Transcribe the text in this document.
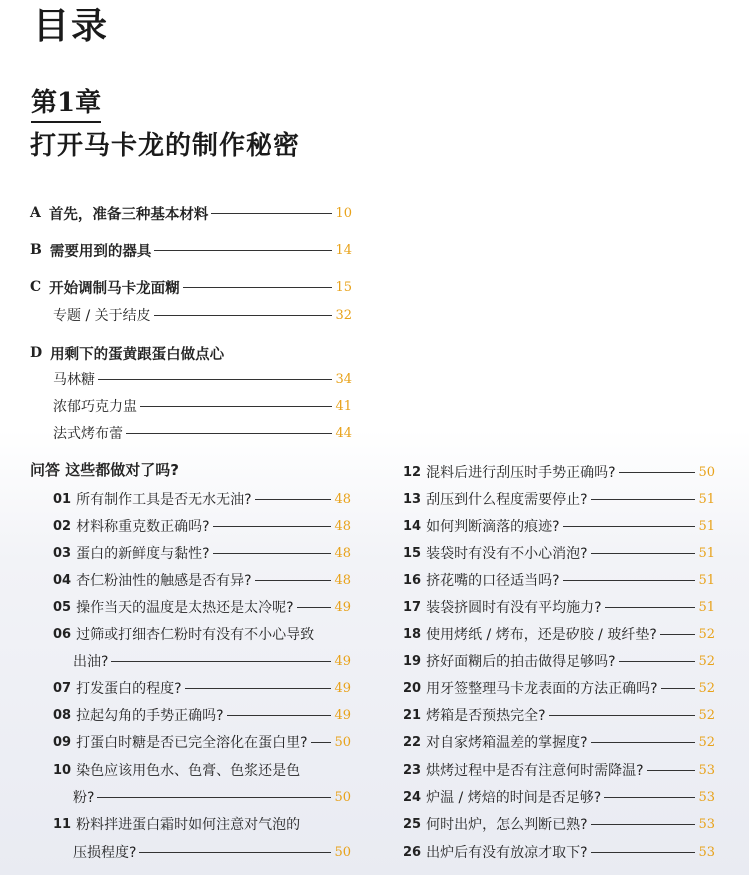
目录
第1章
打开马卡龙的制作秘密
A 首先，准备三种基本材料	10
B 需要用到的器具	14
C 开始调制马卡龙面糊	15
专题 / 关于结皮	32
D 用剩下的蛋黄跟蛋白做点心
马林糖	34
浓郁巧克力盅	41
法式烤布蕾	44
问答 这些都做对了吗?
01 所有制作工具是否无水无油?	48
02 材料称重克数正确吗?	48
03 蛋白的新鲜度与黏性?	48
04 杏仁粉油性的触感是否有异?	48
05 操作当天的温度是太热还是太冷呢?	49
06 过筛或打细杏仁粉时有没有不小心导致
出油?	49
07 打发蛋白的程度?	49
08 拉起勾角的手势正确吗?	49
09 打蛋白时糖是否已完全溶化在蛋白里? 50
10 染色应该用色水、色膏、色浆还是色
粉?	50
11 粉料拌进蛋白霜时如何注意对气泡的
压损程度?	50
12 混料后进行刮压时手势正确吗?	50
13 刮压到什么程度需要停止?	51
14 如何判断滴落的痕迹?	51
15 装袋时有没有不小心消泡?	51
16 挤花嘴的口径适当吗?	51
17 装袋挤圆时有没有平均施力?	51
18 使用烤纸 / 烤布，还是矽胶 / 玻纤垫?	52
19 挤好面糊后的拍击做得足够吗?	52
20 用牙签整理马卡龙表面的方法正确吗?	52
21 烤箱是否预热完全?	52
22 对自家烤箱温差的掌握度?	52
23 烘烤过程中是否有注意何时需降温?	53
24 炉温 / 烤焙的时间是否足够?	53
25 何时出炉，怎么判断已熟?	53
26 出炉后有没有放凉才取下?	53
